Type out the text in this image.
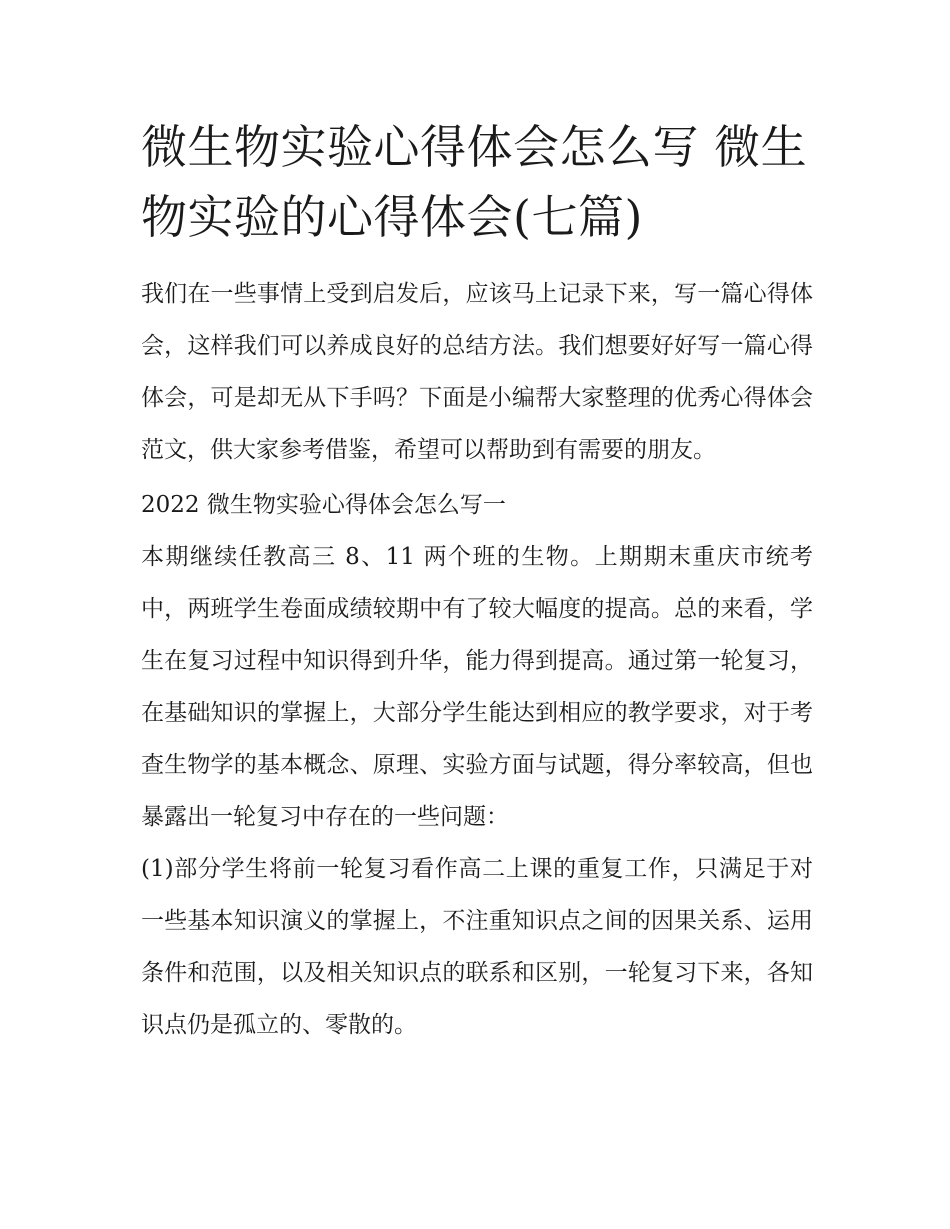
微生物实验心得体会怎么写 微生物实验的心得体会(七篇)

我们在一些事情上受到启发后，应该马上记录下来，写一篇心得体会，这样我们可以养成良好的总结方法。我们想要好好写一篇心得体会，可是却无从下手吗？下面是小编帮大家整理的优秀心得体会范文，供大家参考借鉴，希望可以帮助到有需要的朋友。

2022 微生物实验心得体会怎么写一

本期继续任教高三 8、11 两个班的生物。上期期末重庆市统考中，两班学生卷面成绩较期中有了较大幅度的提高。总的来看，学生在复习过程中知识得到升华，能力得到提高。通过第一轮复习，在基础知识的掌握上，大部分学生能达到相应的教学要求，对于考查生物学的基本概念、原理、实验方面与试题，得分率较高，但也暴露出一轮复习中存在的一些问题：

(1)部分学生将前一轮复习看作高二上课的重复工作，只满足于对一些基本知识演义的掌握上，不注重知识点之间的因果关系、运用条件和范围，以及相关知识点的联系和区别，一轮复习下来，各知识点仍是孤立的、零散的。
